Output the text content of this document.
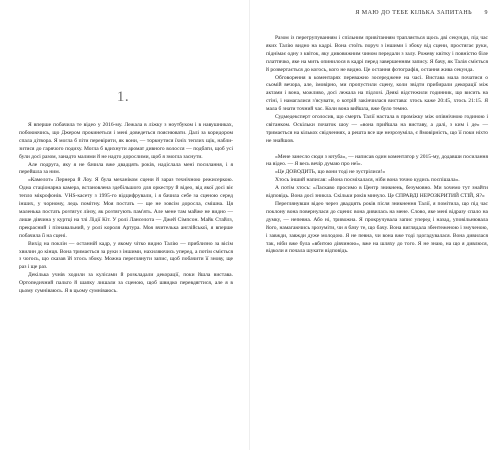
1.

Я вперше побачила те відео у 2016-му. Лежала в ліжку з ноутбуком і в навушниках, побоюючись, що Джером прокинеться і мені доведеться пояснювати. Далі за коридором спала дітвора. Я могла б піти перевірити, як вони, — торкнутися їхніх теплих щік, наблизитися до гарячого подиху. Могла б вдихнути аромат дивного волосся — подбати, щоб усі були досі разом, занадто малими й не надто дорослими, щоб я змогла заснути.

Але подруга, яку я не бачила вже двадцять років, надіслала мені посилання, і я перейшла за ним.

«Камелот» Лернера й Лоу. Я була механіком сцени й зараз технічною режисеркою. Одна стаціонарна камера, встановлена здебільшого для оркестру й відео, від якої досі віє тепло мікрофонів. VHS-касету з 1995-го відцифрували, і я бачила себе за сценою серед інших, у чорному, ледь помітну. Моя постать — ще не зовсім доросла, смішна. Ця маленька постать розтягує лінзу, як розтягують пам'ять. Але мене там майже не видно — лише дівчина у куртці на тлі Лідії Кіт. У ролі Ланселота — Джей Сімпсон. Майк Стайлз, прекрасний і пізнавальний, у ролі короля Артура. Моя вчителька англійської, я вперше побачила її на сцені.

Вихід на поклін — останній кадр, у якому чітко видно Талію — приблизно за вісім хвилин до кінця. Вона тримається за руки з іншими, нахиляючись уперед, а потім сміється з чогось, що сказав їй хтось збоку. Можна переглянути запис, щоб побачити її знову, ще раз і ще раз.

Декілька учнів ходили за кулісами й розкладали декорації, поки йшла вистава. Ортопедичний пальто й шапку лишали за сценою, щоб швидко перевдягтися, але я в цьому сумніваюсь. Я в цьому сумніваюсь.

Я МАЮ ДО ТЕБЕ КІЛЬКА ЗАПИТАНЬ 9

Разом із перегрупуванням і спільним привітанням трапляється щось дві секунди, під час яких Талію видно на кадрі. Вона стоїть поруч з іншими і збоку від сцени, простягає руки, піднімає одну з квіток, яку дивовижним чином передали з залу. Рожеву квітку і повністю біле платтячко, яке на мить опинилося в кадрі перед завершенням запису. Я бачу, як Талія сміється й розвертається до когось, кого не видно. Це остання фотографія, остання жива секунда.

Обговорення в коментарях переважно зосереджене на часі. Вистава мала початися о сьомій вечора, але, імовірно, ми пропустили сцену, коли звідти прибирали декорації між актами і вона, можливо, досі лежала на підлозі. Деякі відстежили годинник, що висить на стіні, і намагалися з'ясувати, о котрій закінчилася вистава: хтось каже 20:45, хтось 21:15. Я мала б знати точний час. Коли вона вийшла, вже було темно.

Судмедексперт оголосив, що смерть Талії настала в проміжку між опівнічною годиною і світанком. Оскільки початок шоу — «вона прийшла на виставу, а далі, з ким і де» — тримається на кількох свідченнях, а решта все ще незрозуміла, є ймовірність, що її поки ніхто не знайшов.

«Мене занесло сюди з ютуба», — написав один коментатор у 2015-му, додавши посилання на відео. — Я весь вечір думаю про неї».

«Це ДОВОДИТЬ, що вони тоді не зустрілися!»

Хтось інший написав: «Вона посміхалася, ніби вона точно кудись поспішала».

А потім хтось: «Ласкаво просимо в Центр зникнень, безумовно. Ми хочемо тут знайти відповідь. Вона досі зникла. Скільки років минуло. Це СПРАВДІ НЕРОЗКРИТИЙ СТІЙ, Я?»

Переглянувши відео через двадцять років після зникнення Талії, я помітила, що під час поклону вона повернулася до сцени: вона дивилась на мене. Слово, яке мені відразу спало на думку, — непевна. Або ні, тривожна. Я прокручувала запис уперед і назад, уповільнювала його, намагаючись зрозуміти, чи я бачу те, що бачу. Вона виглядала збентеженою і змученою, і завжди, завжди дуже молодою. Я не певна, чи вона вже тоді здогадувалася. Вона дивилася так, ніби вже була «вбитою дівчиною», вже на шляху до того. Я не знаю, на що я дивлюся, відколи я почала шукати відповідь.
